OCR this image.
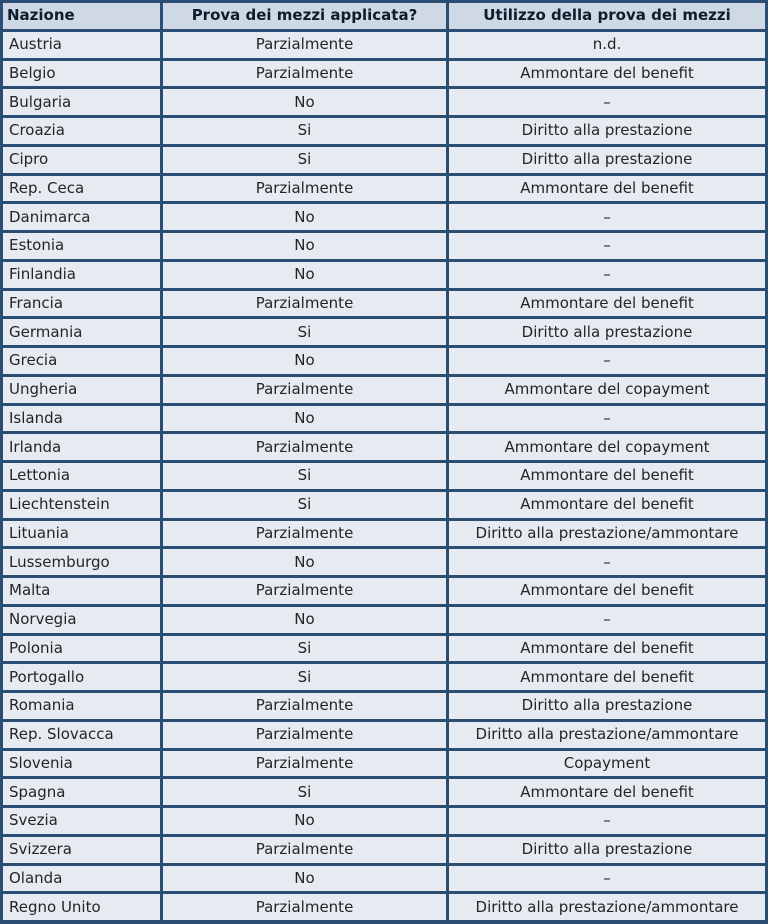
Nazione	Prova dei mezzi applicata?	Utilizzo della prova dei mezzi
Austria	Parzialmente	n.d.
Belgio	Parzialmente	Ammontare del benefit
Bulgaria	No	–
Croazia	Si	Diritto alla prestazione
Cipro	Si	Diritto alla prestazione
Rep. Ceca	Parzialmente	Ammontare del benefit
Danimarca	No	–
Estonia	No	–
Finlandia	No	–
Francia	Parzialmente	Ammontare del benefit
Germania	Si	Diritto alla prestazione
Grecia	No	–
Ungheria	Parzialmente	Ammontare del copayment
Islanda	No	–
Irlanda	Parzialmente	Ammontare del copayment
Lettonia	Si	Ammontare del benefit
Liechtenstein	Si	Ammontare del benefit
Lituania	Parzialmente	Diritto alla prestazione/ammontare
Lussemburgo	No	–
Malta	Parzialmente	Ammontare del benefit
Norvegia	No	–
Polonia	Si	Ammontare del benefit
Portogallo	Si	Ammontare del benefit
Romania	Parzialmente	Diritto alla prestazione
Rep. Slovacca	Parzialmente	Diritto alla prestazione/ammontare
Slovenia	Parzialmente	Copayment
Spagna	Si	Ammontare del benefit
Svezia	No	–
Svizzera	Parzialmente	Diritto alla prestazione
Olanda	No	–
Regno Unito	Parzialmente	Diritto alla prestazione/ammontare
